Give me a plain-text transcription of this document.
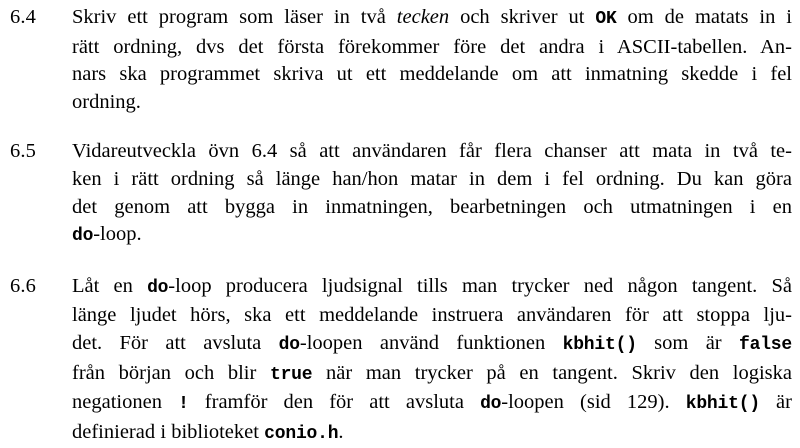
6.4	Skriv ett program som läser in två tecken och skriver ut OK om de matats in i
rätt ordning, dvs det första förekommer före det andra i ASCII-tabellen. An-
nars ska programmet skriva ut ett meddelande om att inmatning skedde i fel
ordning.
6.5	Vidareutveckla övn 6.4 så att användaren får flera chanser att mata in två te-
ken i rätt ordning så länge han/hon matar in dem i fel ordning. Du kan göra
det genom att bygga in inmatningen, bearbetningen och utmatningen i en
do-loop.
6.6	Låt en do-loop producera ljudsignal tills man trycker ned någon tangent. Så
länge ljudet hörs, ska ett meddelande instruera användaren för att stoppa lju-
det. För att avsluta do-loopen använd funktionen kbhit() som är false
från början och blir true när man trycker på en tangent. Skriv den logiska
negationen ! framför den för att avsluta do-loopen (sid 129). kbhit() är
definierad i biblioteket conio.h.
